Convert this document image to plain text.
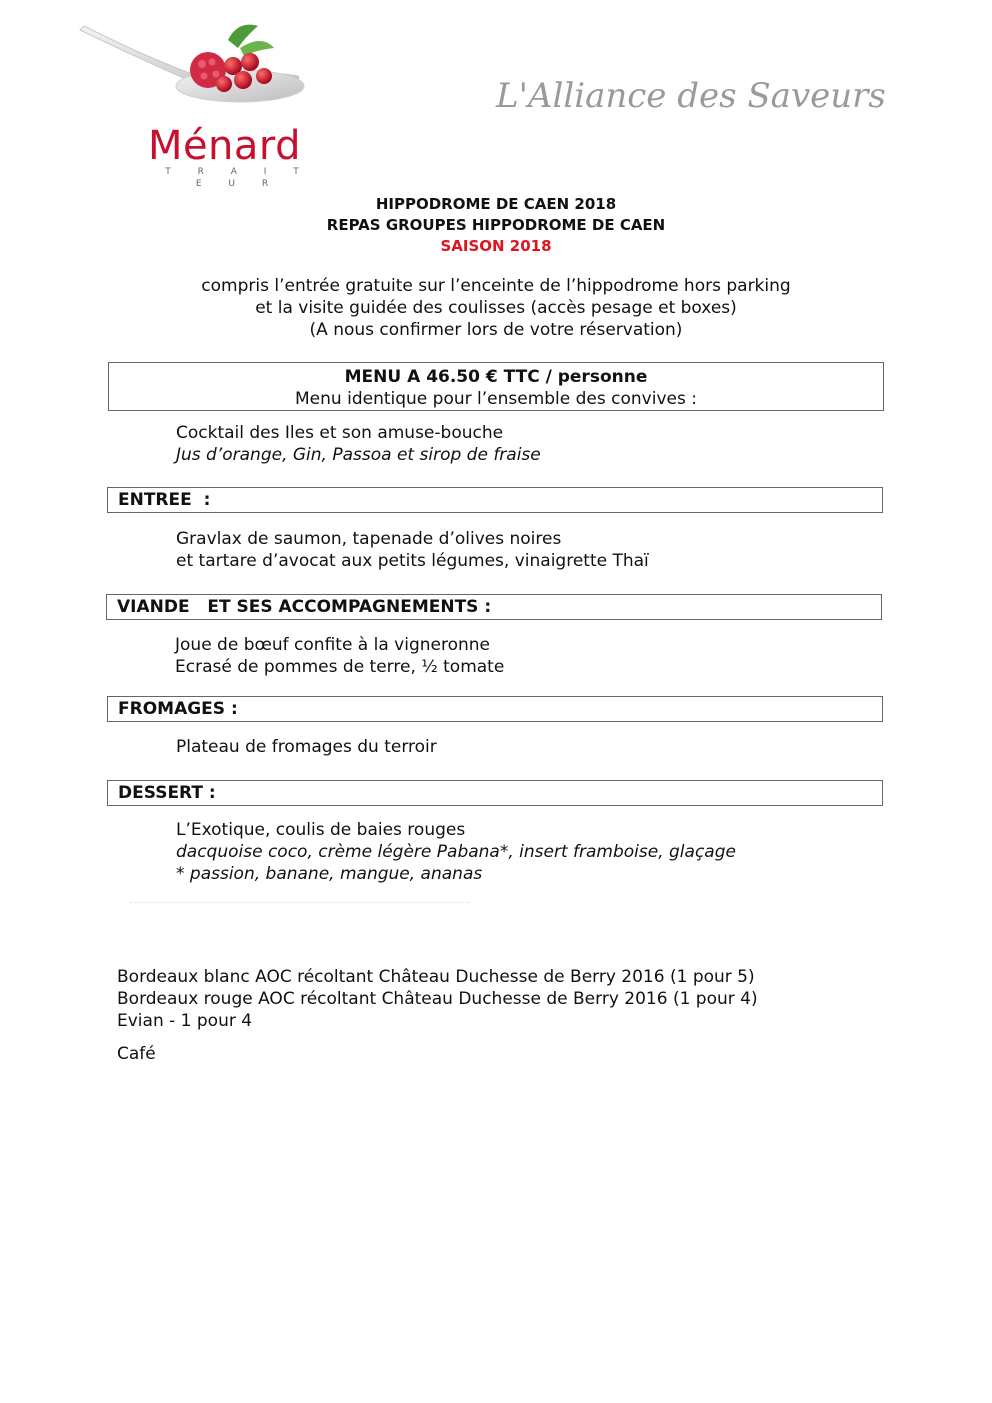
Ménard
T R A I T E U R
L'Alliance des Saveurs
HIPPODROME DE CAEN 2018
REPAS GROUPES HIPPODROME DE CAEN
SAISON 2018
compris l’entrée gratuite sur l’enceinte de l’hippodrome hors parking
et la visite guidée des coulisses (accès pesage et boxes)
(A nous confirmer lors de votre réservation)
MENU A 46.50 € TTC / personne
Menu identique pour l’ensemble des convives :
Cocktail des Iles et son amuse-bouche
Jus d’orange, Gin, Passoa et sirop de fraise
ENTREE  :
Gravlax de saumon, tapenade d’olives noires
et tartare d’avocat aux petits légumes, vinaigrette Thaï
VIANDE   ET SES ACCOMPAGNEMENTS :
Joue de bœuf confite à la vigneronne
Ecrasé de pommes de terre, ½ tomate
FROMAGES :
Plateau de fromages du terroir
DESSERT :
L’Exotique, coulis de baies rouges
dacquoise coco, crème légère Pabana*, insert framboise, glaçage
* passion, banane, mangue, ananas
Bordeaux blanc AOC récoltant Château Duchesse de Berry 2016 (1 pour 5)
Bordeaux rouge AOC récoltant Château Duchesse de Berry 2016 (1 pour 4)
Evian - 1 pour 4
Café
